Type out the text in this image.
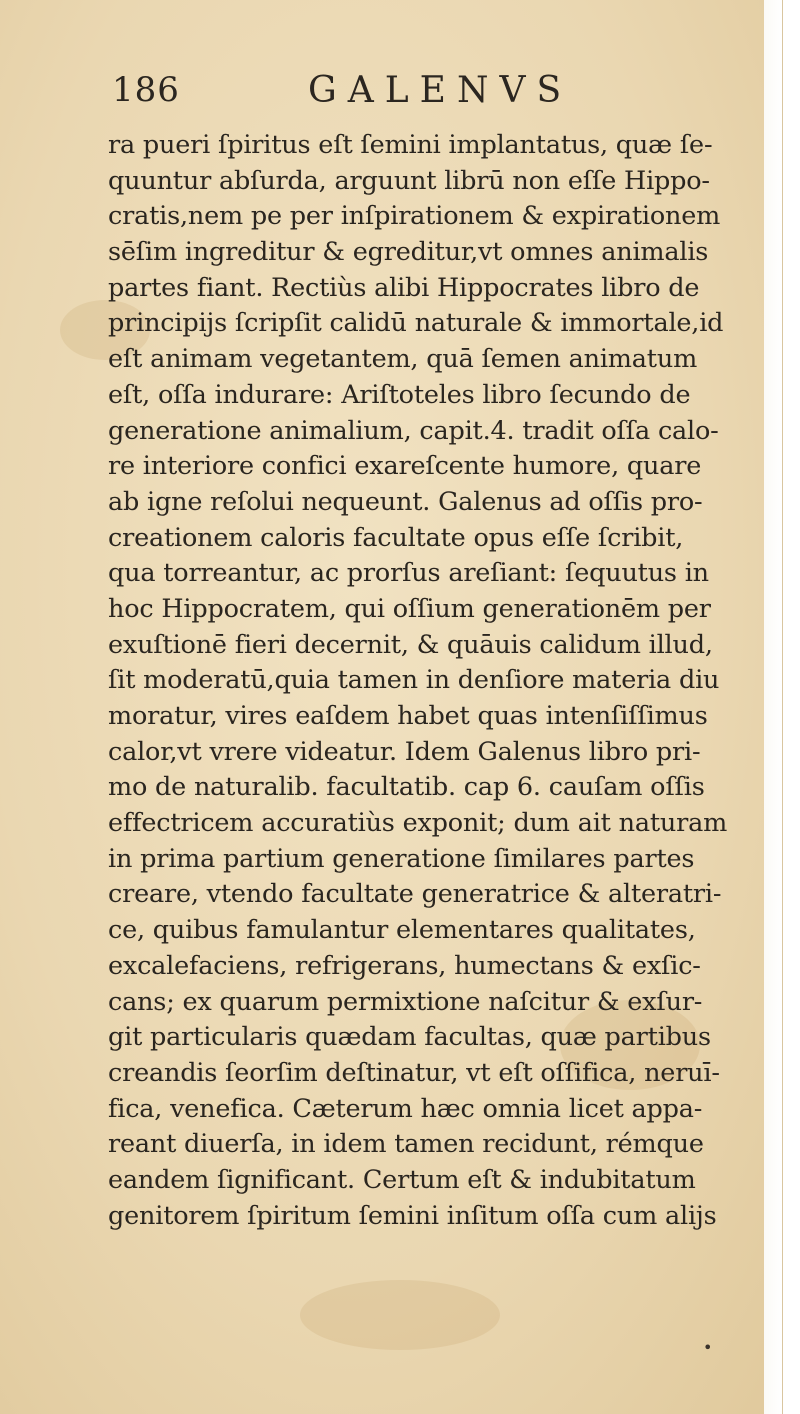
186	GALENVS
ra pueri ſpiritus eſt ſemini implantatus, quæ ſe-
quuntur abſurda, arguunt librū non eſſe Hippo-
cratis,nem pe per inſpirationem & expirationem
sēſim ingreditur & egreditur,vt omnes animalis
partes fiant. Rectiùs alibi Hippocrates libro de
principijs ſcripſit calidū naturale & immortale,id
eſt animam vegetantem, quā ſemen animatum
eſt, oſſa indurare: Ariſtoteles libro ſecundo de
generatione animalium, capit.4. tradit oſſa calo-
re interiore confici exareſcente humore, quare
ab igne reſolui nequeunt. Galenus ad oſſis pro-
creationem caloris facultate opus eſſe ſcribit,
qua torreantur, ac prorſus areſiant: ſequutus in
hoc Hippocratem, qui oſſium generationēm per
exuſtionē fieri decernit, & quāuis calidum illud,
ſit moderatū,quia tamen in denſiore materia diu
moratur, vires eaſdem habet quas intenſiſſimus
calor,vt vrere videatur. Idem Galenus libro pri-
mo de naturalib. facultatib. cap 6. cauſam oſſis
effectricem accuratiùs exponit; dum ait naturam
in prima partium generatione ſimilares partes
creare, vtendo facultate generatrice & alteratri-
ce, quibus famulantur elementares qualitates,
excalefaciens, refrigerans, humectans & exſic-
cans; ex quarum permixtione naſcitur & exſur-
git particularis quædam facultas, quæ partibus
creandis ſeorſim deſtinatur, vt eſt oſſifica, neruī-
fica, venefica. Cæterum hæc omnia licet appa-
reant diuerſa, in idem tamen recidunt, rémque
eandem ſignificant. Certum eſt & indubitatum
genitorem ſpiritum ſemini inſitum oſſa cum alijs
•
